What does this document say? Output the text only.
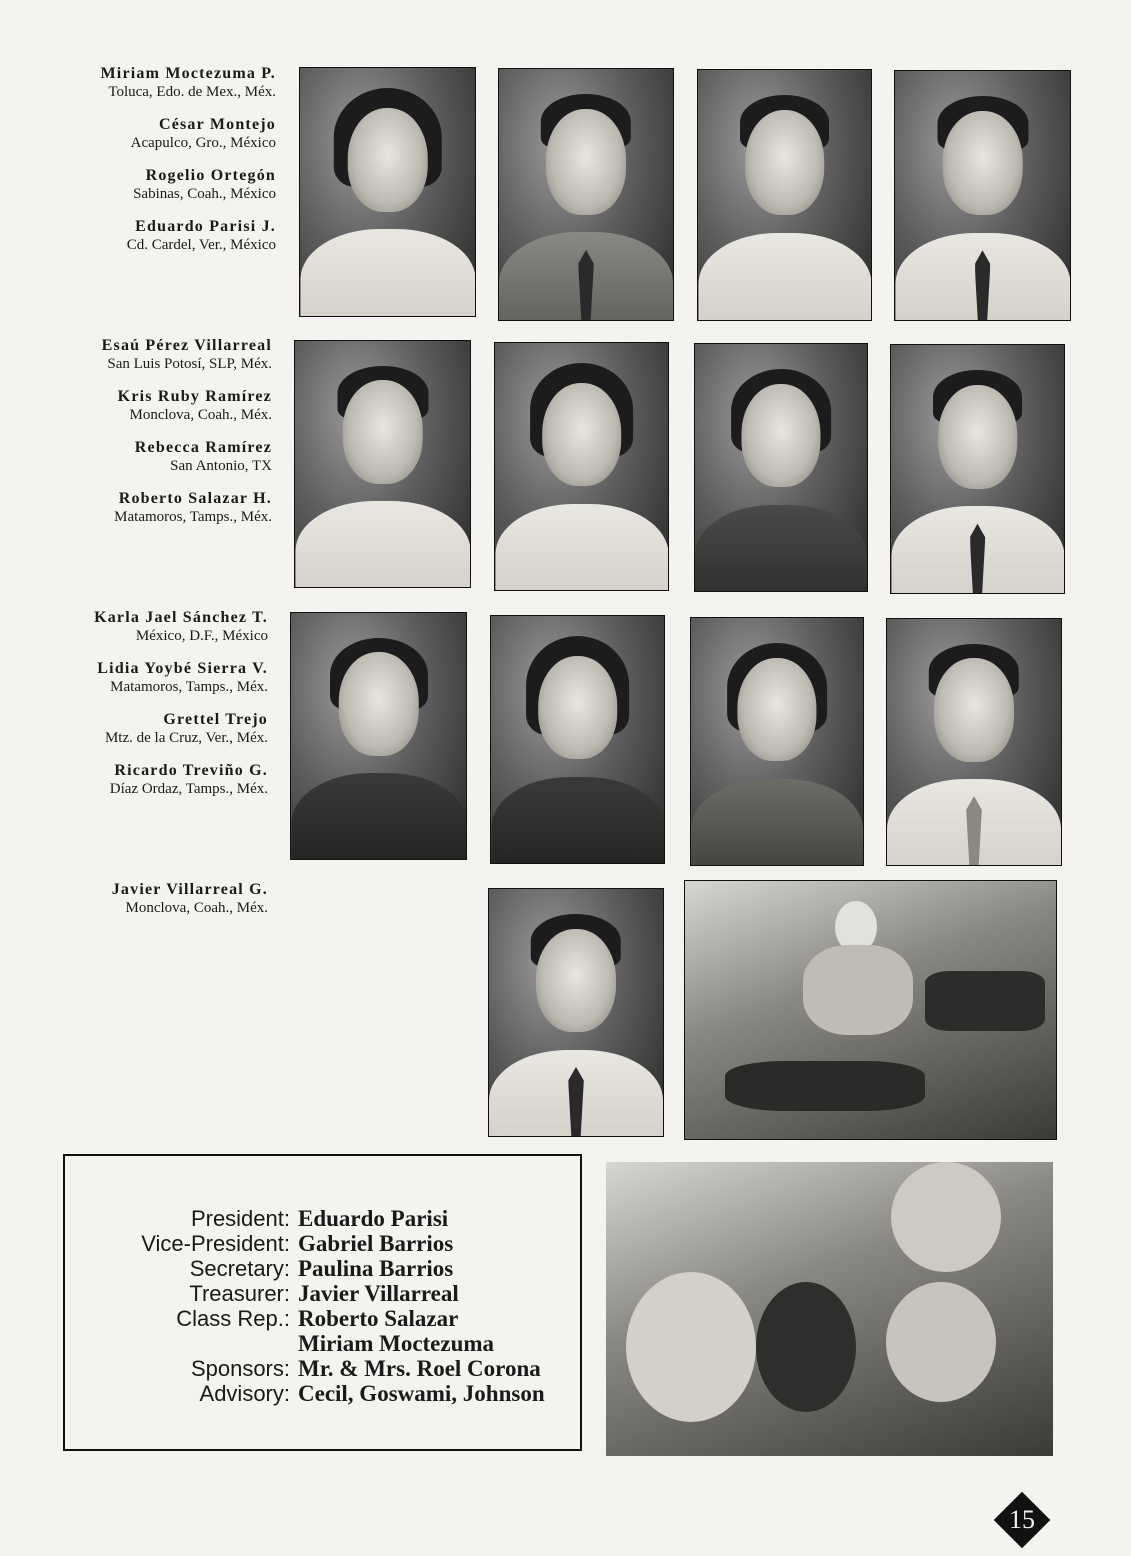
Miriam Moctezuma P.
Toluca, Edo. de Mex., Méx.
César Montejo
Acapulco, Gro., México
Rogelio Ortegón
Sabinas, Coah., México
Eduardo Parisi J.
Cd. Cardel, Ver., México
Esaú Pérez Villarreal
San Luis Potosí, SLP, Méx.
Kris Ruby Ramírez
Monclova, Coah., Méx.
Rebecca Ramírez
San Antonio, TX
Roberto Salazar H.
Matamoros, Tamps., Méx.
Karla Jael Sánchez T.
México, D.F., México
Lidia Yoybé Sierra V.
Matamoros, Tamps., Méx.
Grettel Trejo
Mtz. de la Cruz, Ver., Méx.
Ricardo Treviño G.
Díaz Ordaz, Tamps., Méx.
Javier Villarreal G.
Monclova, Coah., Méx.
President: Eduardo Parisi
Vice-President: Gabriel Barrios
Secretary: Paulina Barrios
Treasurer: Javier Villarreal
Class Rep.: Roberto Salazar
Miriam Moctezuma
Sponsors: Mr. & Mrs. Roel Corona
Advisory: Cecil, Goswami, Johnson
15
